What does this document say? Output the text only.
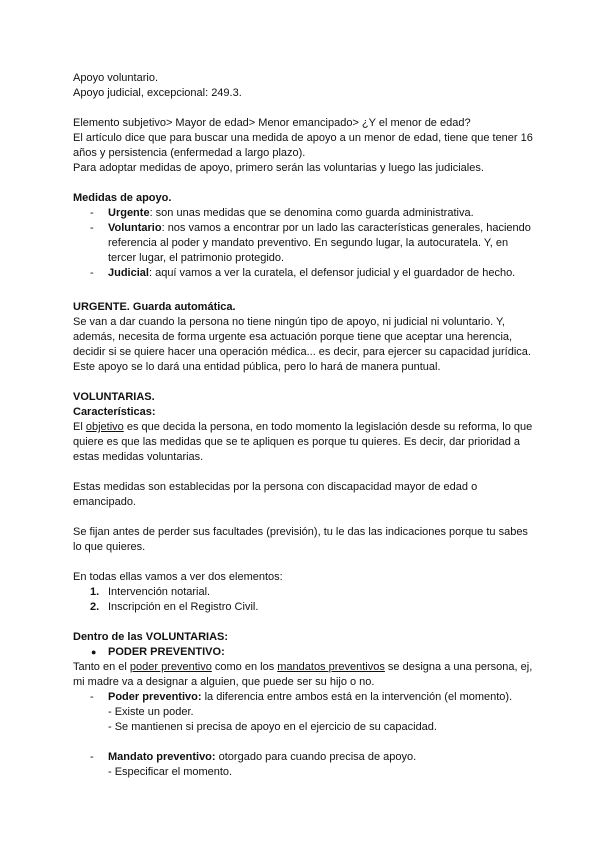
Apoyo voluntario.

Apoyo judicial, excepcional: 249.3.

Elemento subjetivo> Mayor de edad> Menor emancipado> ¿Y el menor de edad?

El artículo dice que para buscar una medida de apoyo a un menor de edad, tiene que tener 16 años y persistencia (enfermedad a largo plazo).

Para adoptar medidas de apoyo, primero serán las voluntarias y luego las judiciales.

Medidas de apoyo.

- Urgente: son unas medidas que se denomina como guarda administrativa.
- Voluntario: nos vamos a encontrar por un lado las características generales, haciendo referencia al poder y mandato preventivo. En segundo lugar, la autocuratela. Y, en tercer lugar, el patrimonio protegido.
- Judicial: aquí vamos a ver la curatela, el defensor judicial y el guardador de hecho.

URGENTE. Guarda automática.

Se van a dar cuando la persona no tiene ningún tipo de apoyo, ni judicial ni voluntario. Y, además, necesita de forma urgente esa actuación porque tiene que aceptar una herencia, decidir si se quiere hacer una operación médica... es decir, para ejercer su capacidad jurídica. Este apoyo se lo dará una entidad pública, pero lo hará de manera puntual.

VOLUNTARIAS.

Características:

El objetivo es que decida la persona, en todo momento la legislación desde su reforma, lo que quiere es que las medidas que se te apliquen es porque tu quieres. Es decir, dar prioridad a estas medidas voluntarias.

Estas medidas son establecidas por la persona con discapacidad mayor de edad o emancipado.

Se fijan antes de perder sus facultades (previsión), tu le das las indicaciones porque tu sabes lo que quieres.

En todas ellas vamos a ver dos elementos:

1. Intervención notarial.
2. Inscripción en el Registro Civil.

Dentro de las VOLUNTARIAS:

● PODER PREVENTIVO:

Tanto en el poder preventivo como en los mandatos preventivos se designa a una persona, ej, mi madre va a designar a alguien, que puede ser su hijo o no.

- Poder preventivo: la diferencia entre ambos está en la intervención (el momento).
- Existe un poder.
- Se mantienen si precisa de apoyo en el ejercicio de su capacidad.
- Mandato preventivo: otorgado para cuando precisa de apoyo.
- Especificar el momento.
